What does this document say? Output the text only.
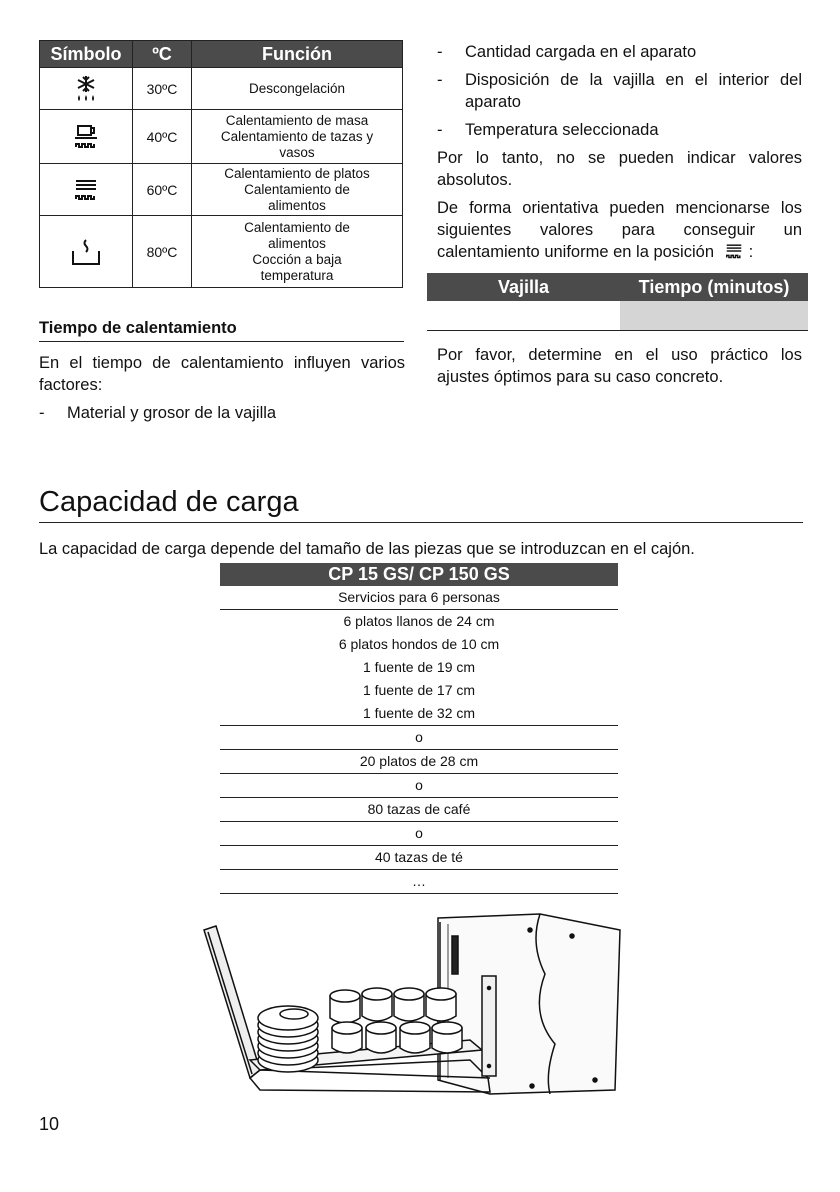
Símbolo	ºC	Función

	30ºC	Descongelación

	40ºC	Calentamiento de masa
Calentamiento de tazas y
vasos

	60ºC	Calentamiento de platos
Calentamiento de
alimentos

	80ºC	Calentamiento de
alimentos
Cocción a baja
temperatura
Tiempo de calentamiento
En el tiempo de calentamiento influyen varios factores:
-	Material y grosor de la vajilla
-	Cantidad cargada en el aparato
-	Disposición de la vajilla en el interior del aparato
-	Temperatura seleccionada
Por lo tanto, no se pueden indicar valores absolutos.
De forma orientativa pueden mencionarse los siguientes valores para conseguir un calentamiento uniforme en la posición :
Vajilla	Tiempo (minutos)
Por favor, determine en el uso práctico los ajustes óptimos para su caso concreto.
Capacidad de carga
La capacidad de carga depende del tamaño de las piezas que se introduzcan en el cajón.
CP 15 GS/ CP 150 GS
Servicios para 6 personas
6 platos llanos de 24 cm
6 platos hondos de 10 cm
1 fuente de 19 cm
1 fuente de 17 cm
1 fuente de 32 cm
o
20 platos de 28 cm
o
80 tazas de café
o
40 tazas de té
…
10
